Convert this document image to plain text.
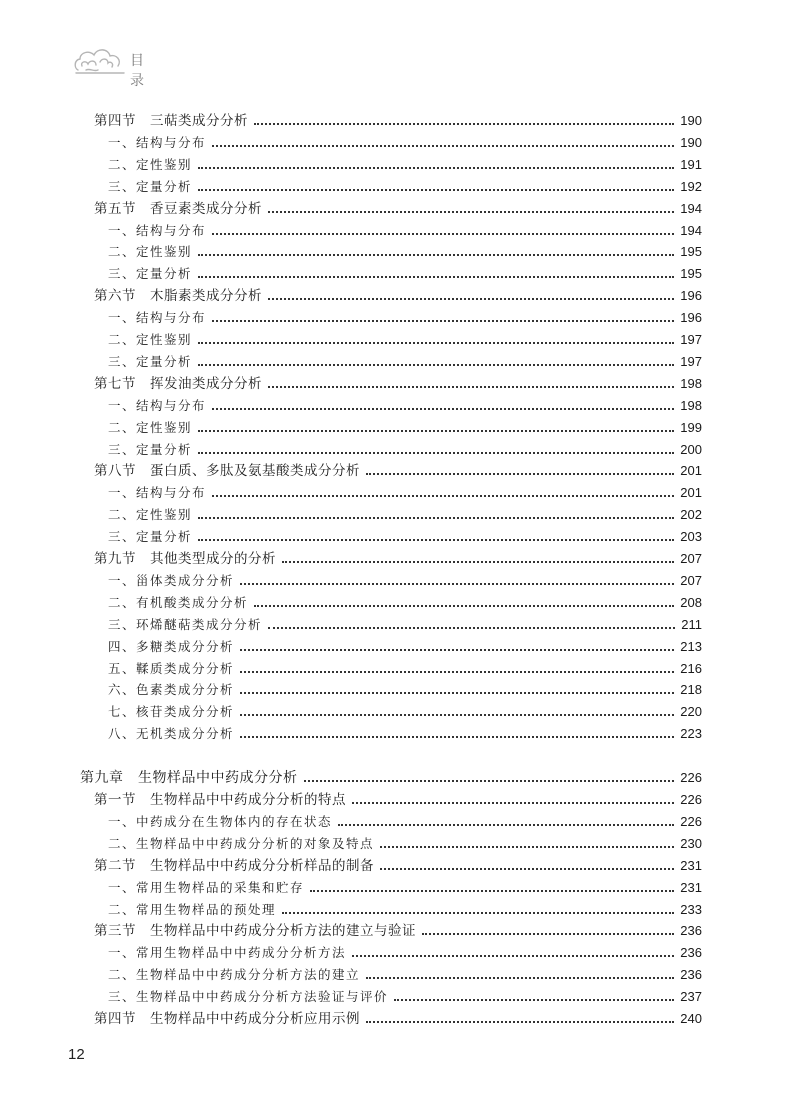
目　录
第四节　三萜类成分分析	190
一、结构与分布	190
二、定性鉴别	191
三、定量分析	192
第五节　香豆素类成分分析	194
一、结构与分布	194
二、定性鉴别	195
三、定量分析	195
第六节　木脂素类成分分析	196
一、结构与分布	196
二、定性鉴别	197
三、定量分析	197
第七节　挥发油类成分分析	198
一、结构与分布	198
二、定性鉴别	199
三、定量分析	200
第八节　蛋白质、多肽及氨基酸类成分分析	201
一、结构与分布	201
二、定性鉴别	202
三、定量分析	203
第九节　其他类型成分的分析	207
一、甾体类成分分析	207
二、有机酸类成分分析	208
三、环烯醚萜类成分分析	211
四、多糖类成分分析	213
五、鞣质类成分分析	216
六、色素类成分分析	218
七、核苷类成分分析	220
八、无机类成分分析	223
第九章　生物样品中中药成分分析	226
第一节　生物样品中中药成分分析的特点	226
一、中药成分在生物体内的存在状态	226
二、生物样品中中药成分分析的对象及特点	230
第二节　生物样品中中药成分分析样品的制备	231
一、常用生物样品的采集和贮存	231
二、常用生物样品的预处理	233
第三节　生物样品中中药成分分析方法的建立与验证	236
一、常用生物样品中中药成分分析方法	236
二、生物样品中中药成分分析方法的建立	236
三、生物样品中中药成分分析方法验证与评价	237
第四节　生物样品中中药成分分析应用示例	240
12
